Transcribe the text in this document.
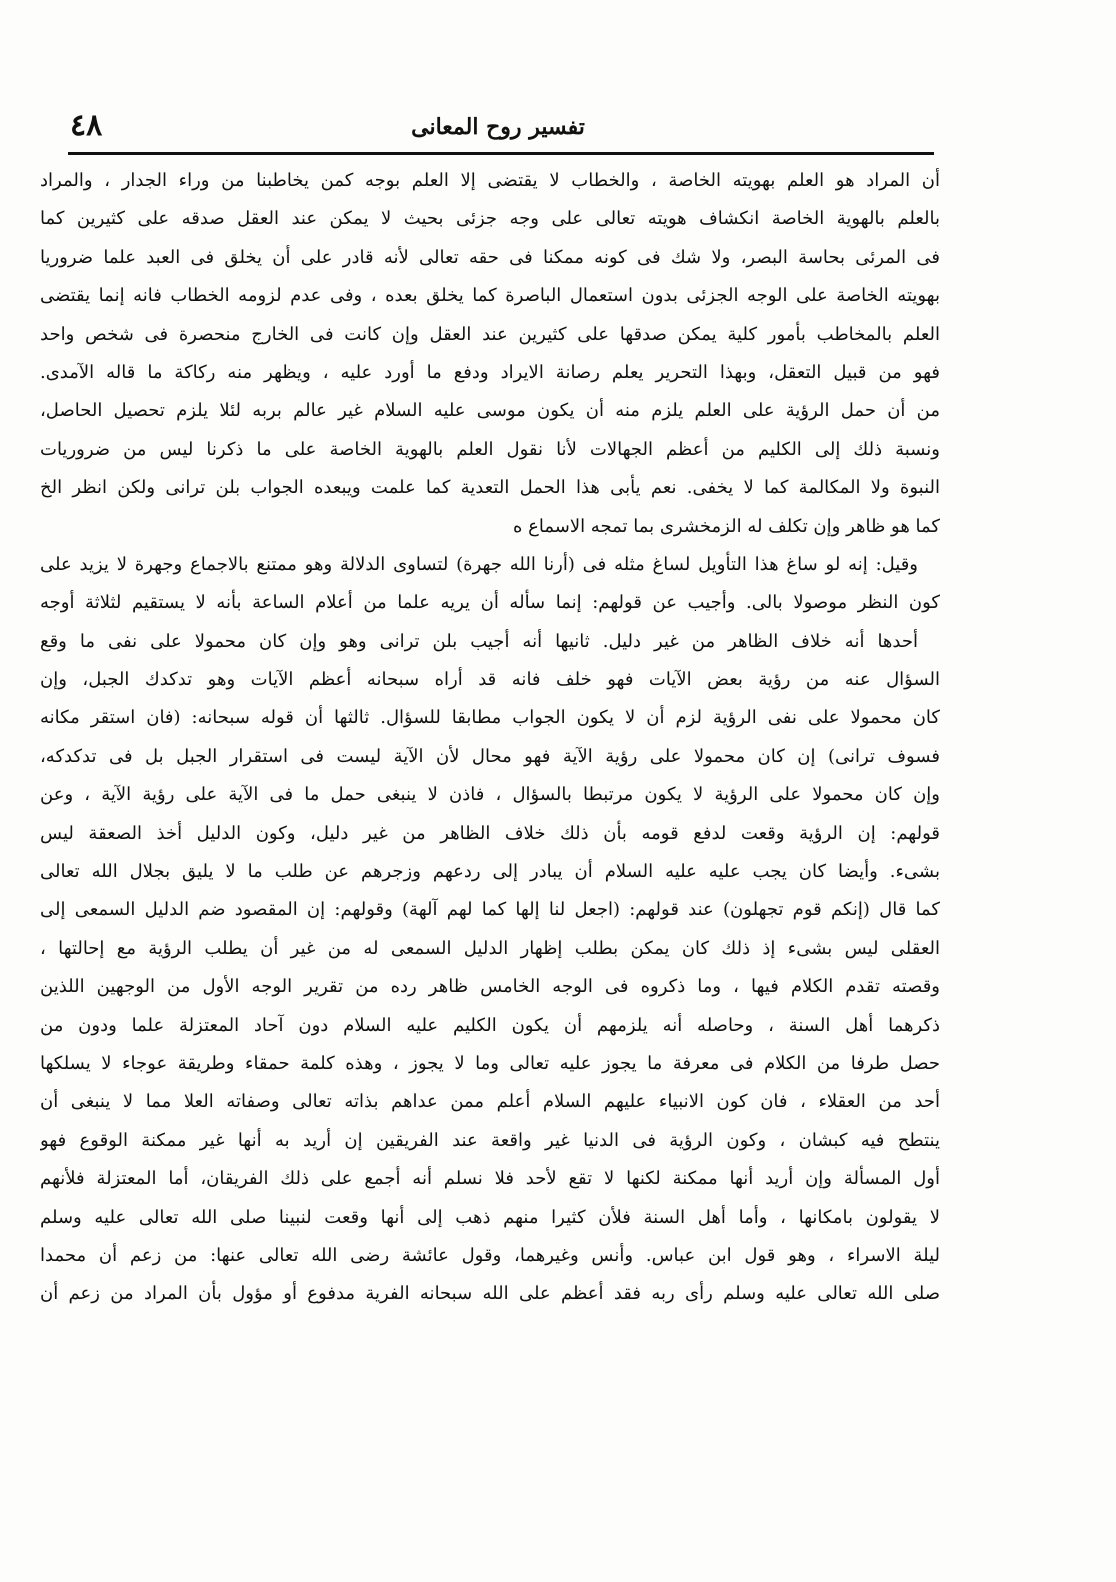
٤٨	تفسير روح المعانى
أن المراد هو العلم بهويته الخاصة ، والخطاب لا يقتضى إلا العلم بوجه كمن يخاطبنا من وراء الجدار ، والمراد
بالعلم بالهوية الخاصة انكشاف هويته تعالى على وجه جزئى بحيث لا يمكن عند العقل صدقه على كثيرين كما
فى المرئى بحاسة البصر، ولا شك فى كونه ممكنا فى حقه تعالى لأنه قادر على أن يخلق فى العبد علما ضروريا
بهويته الخاصة على الوجه الجزئى بدون استعمال الباصرة كما يخلق بعده ، وفى عدم لزومه الخطاب فانه إنما يقتضى
العلم بالمخاطب بأمور كلية يمكن صدقها على كثيرين عند العقل وإن كانت فى الخارج منحصرة فى شخص واحد
فهو من قبيل التعقل، وبهذا التحرير يعلم رصانة الايراد ودفع ما أورد عليه ، ويظهر منه ركاكة ما قاله الآمدى.
من أن حمل الرؤية على العلم يلزم منه أن يكون موسى عليه السلام غير عالم بربه لئلا يلزم تحصيل الحاصل،
ونسبة ذلك إلى الكليم من أعظم الجهالات لأنا نقول العلم بالهوية الخاصة على ما ذكرنا ليس من ضروريات
النبوة ولا المكالمة كما لا يخفى. نعم يأبى هذا الحمل التعدية كما علمت ويبعده الجواب بلن ترانى ولكن انظر الخ
كما هو ظاهر وإن تكلف له الزمخشرى بما تمجه الاسماع ه
وقيل: إنه لو ساغ هذا التأويل لساغ مثله فى (أرنا الله جهرة) لتساوى الدلالة وهو ممتنع بالاجماع وجهرة لا يزيد على
كون النظر موصولا بالى. وأجيب عن قولهم: إنما سأله أن يريه علما من أعلام الساعة بأنه لا يستقيم لثلاثة أوجه
أحدها أنه خلاف الظاهر من غير دليل. ثانيها أنه أجيب بلن ترانى وهو وإن كان محمولا على نفى ما وقع
السؤال عنه من رؤية بعض الآيات فهو خلف فانه قد أراه سبحانه أعظم الآيات وهو تدكدك الجبل، وإن
كان محمولا على نفى الرؤية لزم أن لا يكون الجواب مطابقا للسؤال. ثالثها أن قوله سبحانه: (فان استقر مكانه
فسوف ترانى) إن كان محمولا على رؤية الآية فهو محال لأن الآية ليست فى استقرار الجبل بل فى تدكدكه،
وإن كان محمولا على الرؤية لا يكون مرتبطا بالسؤال ، فاذن لا ينبغى حمل ما فى الآية على رؤية الآية ، وعن
قولهم: إن الرؤية وقعت لدفع قومه بأن ذلك خلاف الظاهر من غير دليل، وكون الدليل أخذ الصعقة ليس
بشىء. وأيضا كان يجب عليه عليه السلام أن يبادر إلى ردعهم وزجرهم عن طلب ما لا يليق بجلال الله تعالى
كما قال (إنكم قوم تجهلون) عند قولهم: (اجعل لنا إلها كما لهم آلهة) وقولهم: إن المقصود ضم الدليل السمعى إلى
العقلى ليس بشىء إذ ذلك كان يمكن بطلب إظهار الدليل السمعى له من غير أن يطلب الرؤية مع إحالتها ،
وقصته تقدم الكلام فيها ، وما ذكروه فى الوجه الخامس ظاهر رده من تقرير الوجه الأول من الوجهين اللذين
ذكرهما أهل السنة ، وحاصله أنه يلزمهم أن يكون الكليم عليه السلام دون آحاد المعتزلة علما ودون من
حصل طرفا من الكلام فى معرفة ما يجوز عليه تعالى وما لا يجوز ، وهذه كلمة حمقاء وطريقة عوجاء لا يسلكها
أحد من العقلاء ، فان كون الانبياء عليهم السلام أعلم ممن عداهم بذاته تعالى وصفاته العلا مما لا ينبغى أن
ينتطح فيه كبشان ، وكون الرؤية فى الدنيا غير واقعة عند الفريقين إن أريد به أنها غير ممكنة الوقوع فهو
أول المسألة وإن أريد أنها ممكنة لكنها لا تقع لأحد فلا نسلم أنه أجمع على ذلك الفريقان، أما المعتزلة فلأنهم
لا يقولون بامكانها ، وأما أهل السنة فلأن كثيرا منهم ذهب إلى أنها وقعت لنبينا صلى الله تعالى عليه وسلم
ليلة الاسراء ، وهو قول ابن عباس. وأنس وغيرهما، وقول عائشة رضى الله تعالى عنها: من زعم أن محمدا
صلى الله تعالى عليه وسلم رأى ربه فقد أعظم على الله سبحانه الفرية مدفوع أو مؤول بأن المراد من زعم أن
